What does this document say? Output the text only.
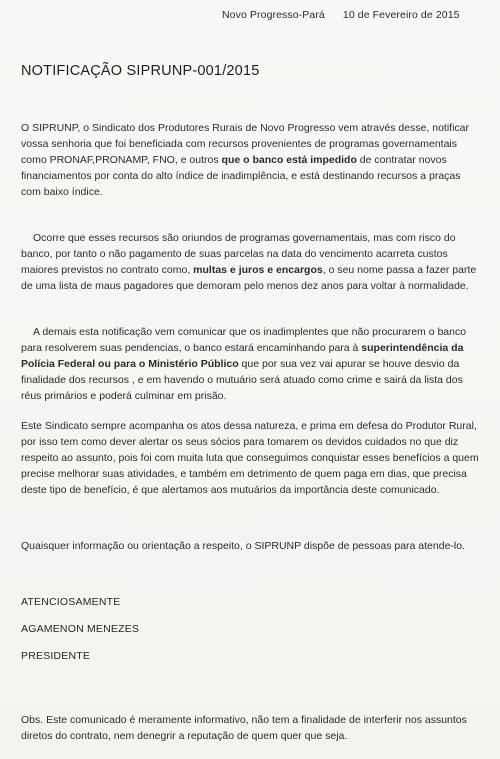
Novo Progresso-Pará 10 de Fevereiro de 2015
NOTIFICAÇÃO SIPRUNP-001/2015
O SIPRUNP, o Sindicato dos Produtores Rurais de Novo Progresso vem através desse, notificar vossa senhoria que foi beneficiada com recursos provenientes de programas governamentais como PRONAF,PRONAMP, FNO, e outros que o banco está impedido de contratar novos financiamentos por conta do alto índice de inadimplência, e está destinando recursos a praças com baixo índice.
Ocorre que esses recursos são oriundos de programas governamentais, mas com risco do banco, por tanto o não pagamento de suas parcelas na data do vencimento acarreta custos maiores previstos no contrato como, multas e juros e encargos, o seu nome passa a fazer parte de uma lista de maus pagadores que demoram pelo menos dez anos para voltar à normalidade.
A demais esta notificação vem comunicar que os inadimplentes que não procurarem o banco para resolverem suas pendencias, o banco estará encaminhando para à superintendência da Polícia Federal ou para o Ministério Público que por sua vez vai apurar se houve desvio da finalidade dos recursos , e em havendo o mutuário será atuado como crime e sairá da lista dos réus primários e poderá culminar em prisão.
Este Sindicato sempre acompanha os atos dessa natureza, e prima em defesa do Produtor Rural, por isso tem como dever alertar os seus sócios para tomarem os devidos cuidados no que diz respeito ao assunto, pois foi com muita luta que conseguimos conquistar esses benefícios a quem precise melhorar suas atividades, e também em detrimento de quem paga em dias, que precisa deste tipo de benefício, é que alertamos aos mutuários da importância deste comunicado.
Quaisquer informação ou orientação a respeito, o SIPRUNP dispõe de pessoas para atende-lo.
ATENCIOSAMENTE
AGAMENON MENEZES
PRESIDENTE
Obs. Este comunicado é meramente informativo, não tem a finalidade de interferir nos assuntos diretos do contrato, nem denegrir a reputação de quem quer que seja.
